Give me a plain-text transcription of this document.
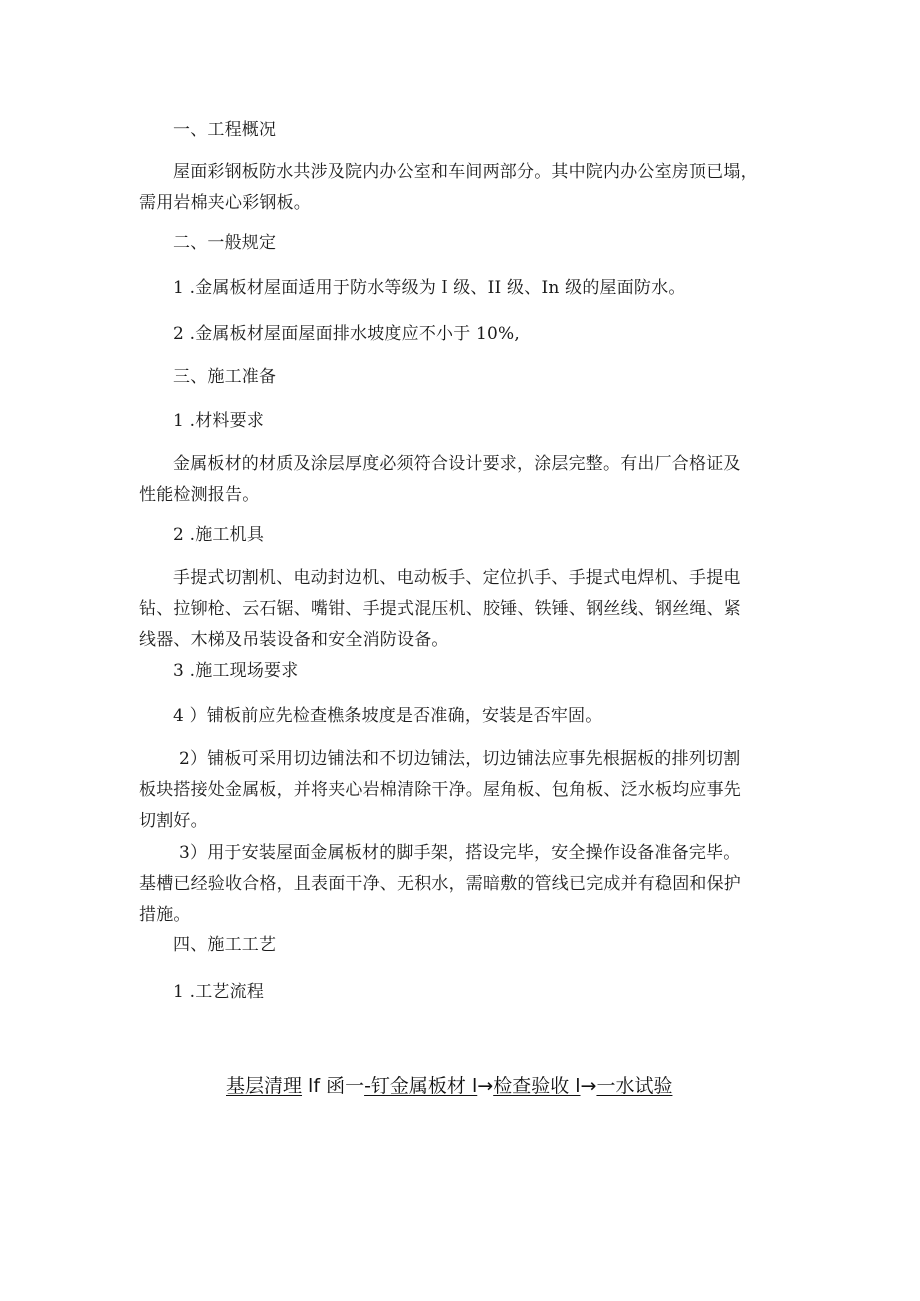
一、工程概况
屋面彩钢板防水共涉及院内办公室和车间两部分。其中院内办公室房顶已塌，
需用岩棉夹心彩钢板。
二、一般规定
1 .金属板材屋面适用于防水等级为Ｉ级、II 级、In 级的屋面防水。
2 .金属板材屋面屋面排水坡度应不小于 10%,
三、施工准备
1 .材料要求
金属板材的材质及涂层厚度必须符合设计要求，涂层完整。有出厂合格证及
性能检测报告。
2 .施工机具
手提式切割机、电动封边机、电动板手、定位扒手、手提式电焊机、手提电
钻、拉铆枪、云石锯、嘴钳、手提式混压机、胶锤、铁锤、钢丝线、钢丝绳、紧
线器、木梯及吊装设备和安全消防设备。
3 .施工现场要求
4 ）铺板前应先检查樵条坡度是否准确，安装是否牢固。
2）铺板可采用切边铺法和不切边铺法，切边铺法应事先根据板的排列切割
板块搭接处金属板，并将夹心岩棉清除干净。屋角板、包角板、泛水板均应事先
切割好。
3）用于安装屋面金属板材的脚手架，搭设完毕，安全操作设备准备完毕。
基槽已经验收合格，且表面干净、无积水，需暗敷的管线已完成并有稳固和保护
措施。
四、施工工艺
1 .工艺流程
基层清理 lf 函一-钉金属板材 l→检查验收 l→一水试验
